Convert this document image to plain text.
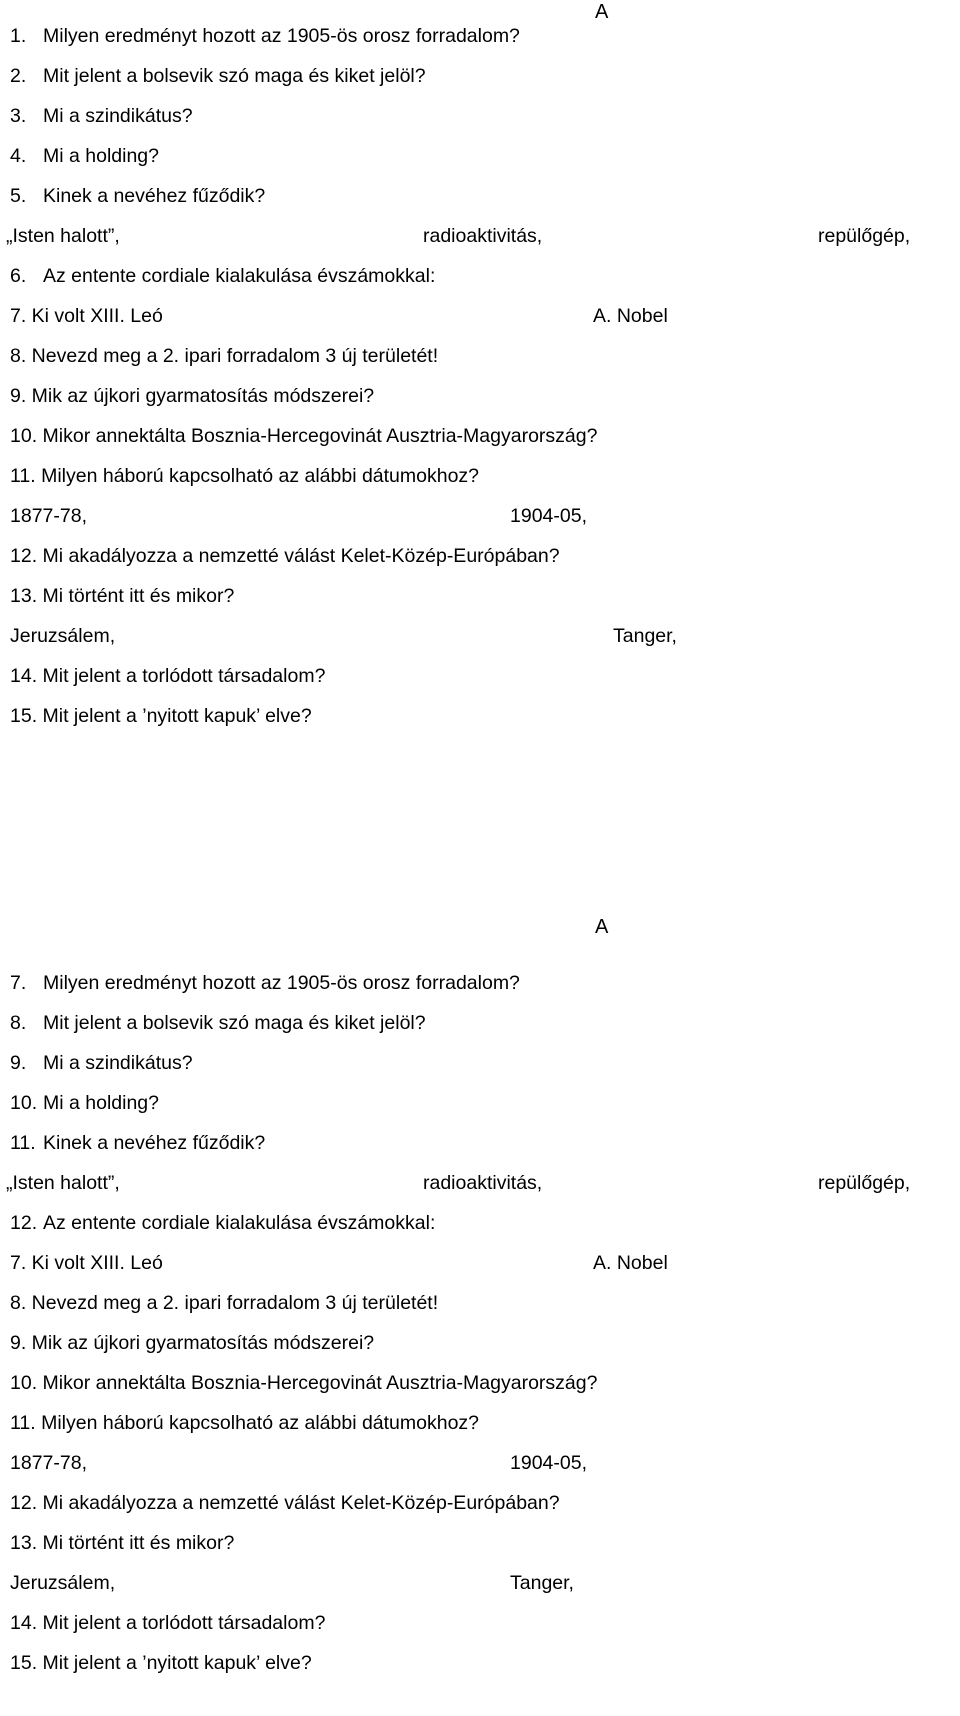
A
1. Milyen eredményt hozott az 1905-ös orosz forradalom?
2. Mit jelent a bolsevik szó maga és kiket jelöl?
3. Mi a szindikátus?
4. Mi a holding?
5. Kinek a nevéhez fűződik?
„Isten halott”,	radioaktivitás,	repülőgép,
6. Az entente cordiale kialakulása évszámokkal:
7. Ki volt XIII. Leó	A. Nobel
8. Nevezd meg a 2. ipari forradalom 3 új területét!
9. Mik az újkori gyarmatosítás módszerei?
10. Mikor annektálta Bosznia-Hercegovinát Ausztria-Magyarország?
11. Milyen háború kapcsolható az alábbi dátumokhoz?
1877-78,	1904-05,
12. Mi akadályozza a nemzetté válást Kelet-Közép-Európában?
13. Mi történt itt és mikor?
Jeruzsálem,	Tanger,
14. Mit jelent a torlódott társadalom?
15. Mit jelent a ’nyitott kapuk’ elve?
A
7. Milyen eredményt hozott az 1905-ös orosz forradalom?
8. Mit jelent a bolsevik szó maga és kiket jelöl?
9. Mi a szindikátus?
10. Mi a holding?
11. Kinek a nevéhez fűződik?
„Isten halott”,	radioaktivitás,	repülőgép,
12. Az entente cordiale kialakulása évszámokkal:
7. Ki volt XIII. Leó	A. Nobel
8. Nevezd meg a 2. ipari forradalom 3 új területét!
9. Mik az újkori gyarmatosítás módszerei?
10. Mikor annektálta Bosznia-Hercegovinát Ausztria-Magyarország?
11. Milyen háború kapcsolható az alábbi dátumokhoz?
1877-78,	1904-05,
12. Mi akadályozza a nemzetté válást Kelet-Közép-Európában?
13. Mi történt itt és mikor?
Jeruzsálem,	Tanger,
14. Mit jelent a torlódott társadalom?
15. Mit jelent a ’nyitott kapuk’ elve?
